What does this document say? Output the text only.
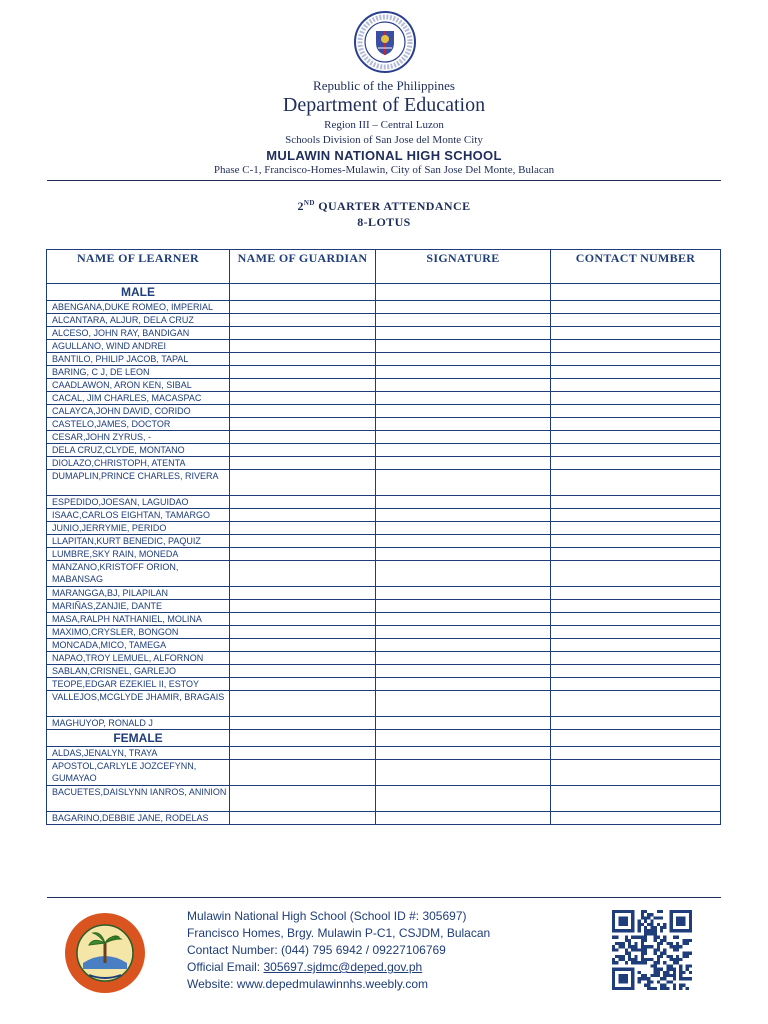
Republic of the Philippines
Department of Education
Region III – Central Luzon
Schools Division of San Jose del Monte City
MULAWIN NATIONAL HIGH SCHOOL
Phase C-1, Francisco-Homes-Mulawin, City of San Jose Del Monte, Bulacan
2ND QUARTER ATTENDANCE
8-LOTUS
NAME OF LEARNER	NAME OF GUARDIAN	SIGNATURE	CONTACT NUMBER
MALE			
ABENGANA,DUKE ROMEO, IMPERIAL			
ALCANTARA, ALJUR, DELA CRUZ			
ALCESO, JOHN RAY, BANDIGAN			
AGULLANO, WIND ANDREI			
BANTILO, PHILIP JACOB, TAPAL			
BARING, C J, DE LEON			
CAADLAWON, ARON KEN, SIBAL			
CACAL, JIM CHARLES, MACASPAC			
CALAYCA,JOHN DAVID, CORIDO			
CASTELO,JAMES, DOCTOR			
CESAR,JOHN ZYRUS, -			
DELA CRUZ,CLYDE, MONTANO			
DIOLAZO,CHRISTOPH, ATENTA			
DUMAPLIN,PRINCE CHARLES, RIVERA			
ESPEDIDO,JOESAN, LAGUIDAO			
ISAAC,CARLOS EIGHTAN, TAMARGO			
JUNIO,JERRYMIE, PERIDO			
LLAPITAN,KURT BENEDIC, PAQUIZ			
LUMBRE,SKY RAIN, MONEDA			
MANZANO,KRISTOFF ORION, MABANSAG			
MARANGGA,BJ, PILAPILAN			
MARIÑAS,ZANJIE, DANTE			
MASA,RALPH NATHANIEL, MOLINA			
MAXIMO,CRYSLER, BONGON			
MONCADA,MICO, TAMEGA			
NAPAO,TROY LEMUEL, ALFORNON			
SABLAN,CRISNEL, GARLEJO			
TEOPE,EDGAR EZEKIEL II, ESTOY			
VALLEJOS,MCGLYDE JHAMIR, BRAGAIS			
MAGHUYOP, RONALD J			
FEMALE			
ALDAS,JENALYN, TRAYA			
APOSTOL,CARLYLE JOZCEFYNN, GUMAYAO			
BACUETES,DAISLYNN IANROS, ANINION			
BAGARINO,DEBBIE JANE, RODELAS			
Mulawin National High School (School ID #: 305697)
Francisco Homes, Brgy. Mulawin P-C1, CSJDM, Bulacan
Contact Number: (044) 795 6942 / 09227106769
Official Email: 305697.sjdmc@deped.gov.ph
Website: www.depedmulawinnhs.weebly.com
